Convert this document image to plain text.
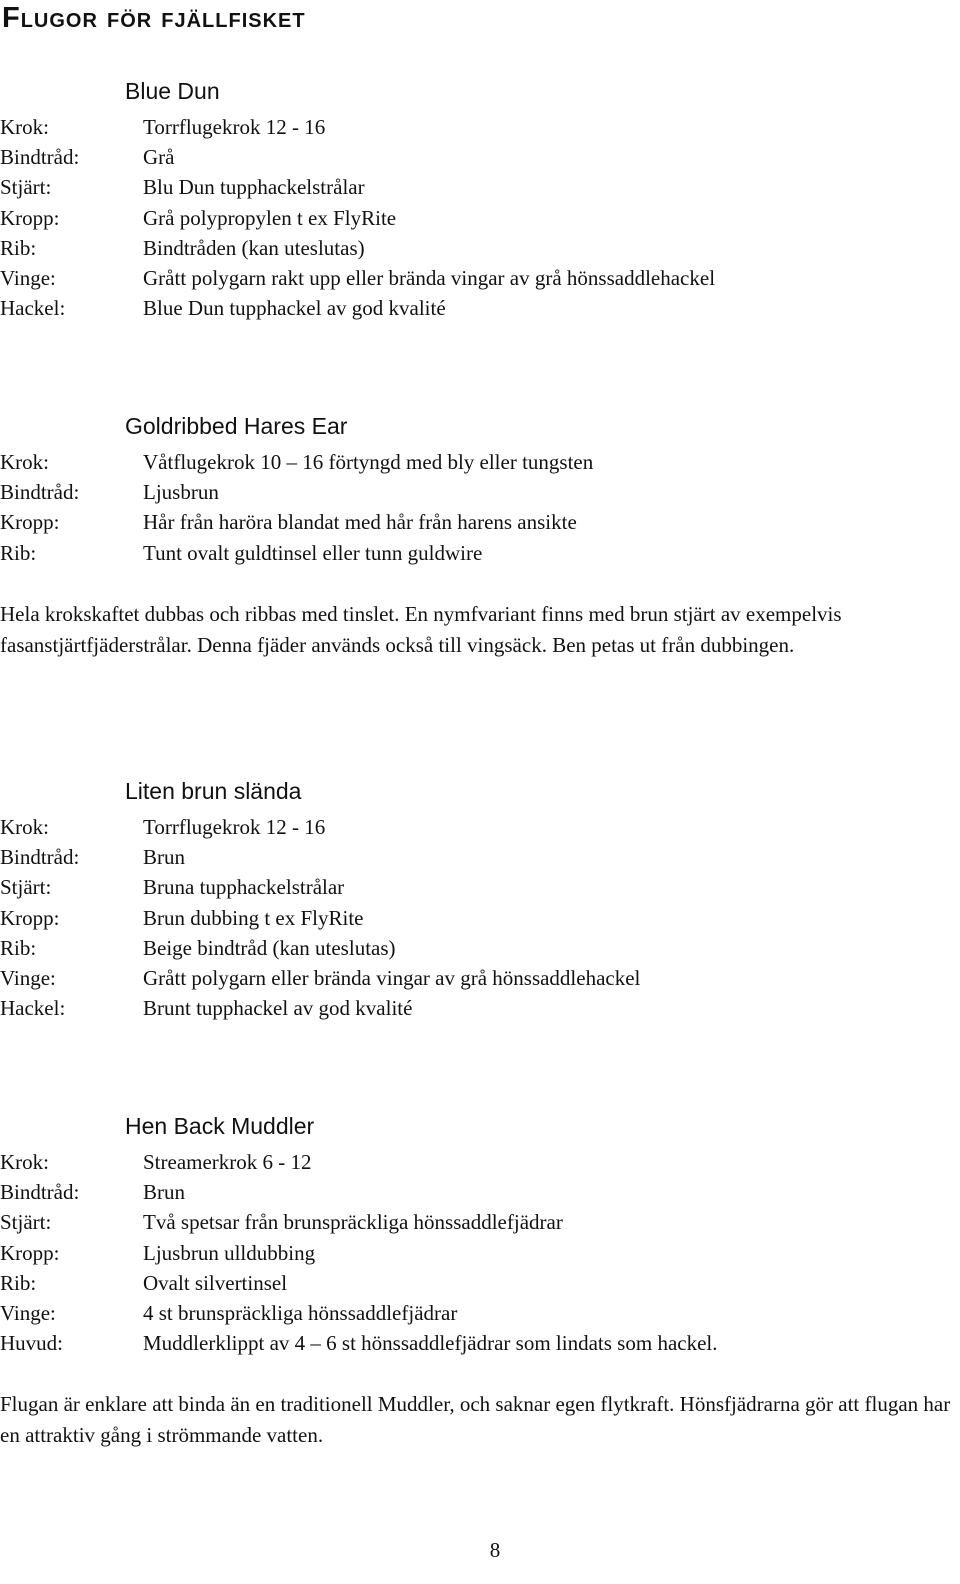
Flugor för fjällfisket
Blue Dun
Krok:	Torrflugekrok 12 - 16
Bindtråd:	Grå
Stjärt:	Blu Dun tupphackelstrålar
Kropp:	Grå polypropylen t ex FlyRite
Rib:	Bindtråden (kan uteslutas)
Vinge:	Grått polygarn rakt upp eller brända vingar av grå hönssaddlehackel
Hackel:	Blue Dun tupphackel av god kvalité
Goldribbed Hares Ear
Krok:	Våtflugekrok 10 – 16 förtyngd med bly eller tungsten
Bindtråd:	Ljusbrun
Kropp:	Hår från haröra blandat med hår från harens ansikte
Rib:	Tunt ovalt guldtinsel eller tunn guldwire

Hela krokskaftet dubbas och ribbas med tinslet. En nymfvariant finns med brun stjärt av exempelvis fasanstjärtfjäderstrålar. Denna fjäder används också till vingsäck. Ben petas ut från dubbingen.

Liten brun slända
Krok:	Torrflugekrok 12 - 16
Bindtråd:	Brun
Stjärt:	Bruna tupphackelstrålar
Kropp:	Brun dubbing t ex FlyRite
Rib:	Beige bindtråd (kan uteslutas)
Vinge:	Grått polygarn eller brända vingar av grå hönssaddlehackel
Hackel:	Brunt tupphackel av god kvalité
Hen Back Muddler
Krok:	Streamerkrok 6 - 12
Bindtråd:	Brun
Stjärt:	Två spetsar från brunspräckliga hönssaddlefjädrar
Kropp:	Ljusbrun ulldubbing
Rib:	Ovalt silvertinsel
Vinge:	4 st brunspräckliga hönssaddlefjädrar
Huvud:	Muddlerklippt av 4 – 6 st hönssaddlefjädrar som lindats som hackel.

Flugan är enklare att binda än en traditionell Muddler, och saknar egen flytkraft. Hönsfjädrarna gör att flugan har en attraktiv gång i strömmande vatten.

8
